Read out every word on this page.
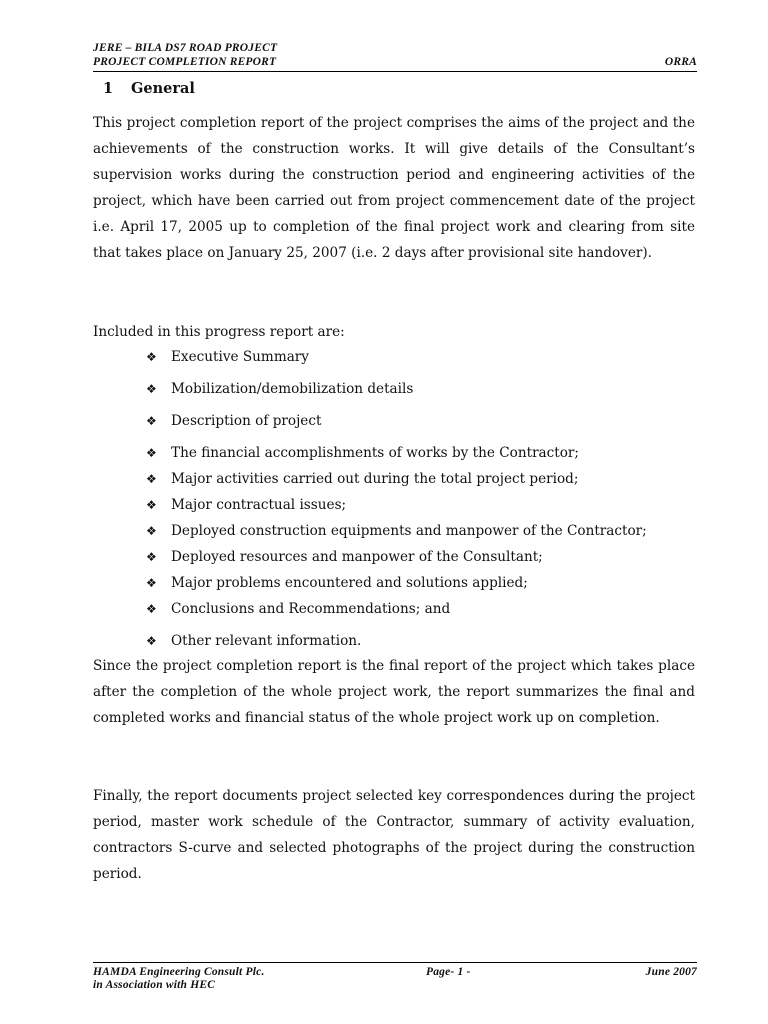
JERE – BILA DS7 ROAD PROJECT
PROJECT COMPLETION REPORT	ORRA
1 General

This project completion report of the project comprises the aims of the project and the achievements of the construction works. It will give details of the Consultant’s supervision works during the construction period and engineering activities of the project, which have been carried out from project commencement date of the project i.e. April 17, 2005 up to completion of the final project work and clearing from site that takes place on January 25, 2007 (i.e. 2 days after provisional site handover).

Included in this progress report are:
❖ Executive Summary
❖ Mobilization/demobilization details
❖ Description of project
❖ The financial accomplishments of works by the Contractor;
❖ Major activities carried out during the total project period;
❖ Major contractual issues;
❖ Deployed construction equipments and manpower of the Contractor;
❖ Deployed resources and manpower of the Consultant;
❖ Major problems encountered and solutions applied;
❖ Conclusions and Recommendations; and
❖ Other relevant information.

Since the project completion report is the final report of the project which takes place after the completion of the whole project work, the report summarizes the final and completed works and financial status of the whole project work up on completion.

Finally, the report documents project selected key correspondences during the project period, master work schedule of the Contractor, summary of activity evaluation, contractors S-curve and selected photographs of the project during the construction period.

HAMDA Engineering Consult Plc.
in Association with HEC
Page- 1 -	June 2007
